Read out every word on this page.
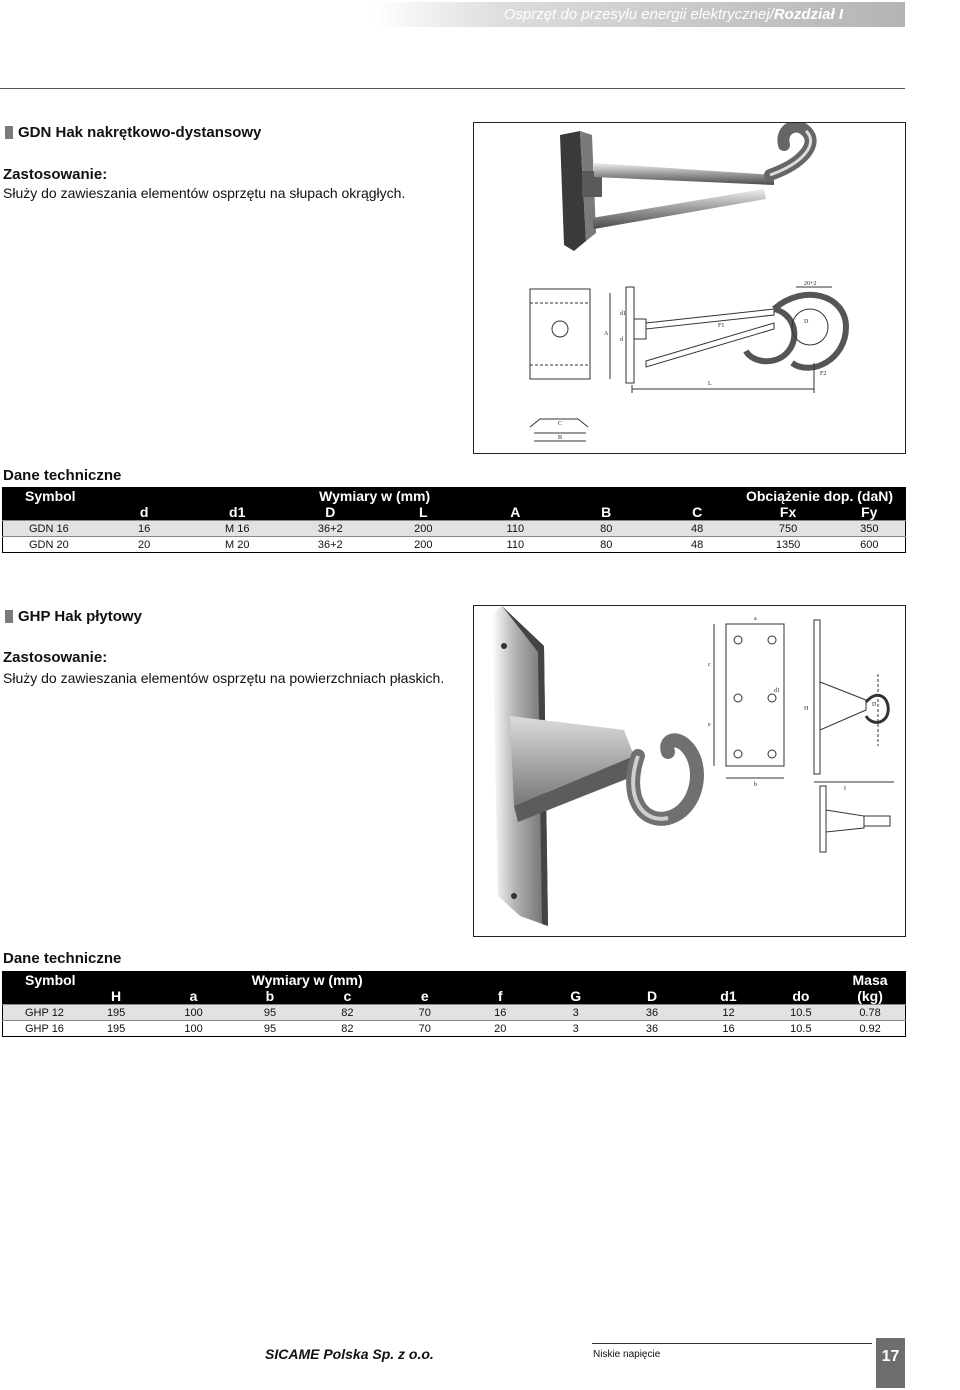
Osprzęt do przesyłu energii elektrycznej/Rozdział I
GDN Hak nakrętkowo-dystansowy
Zastosowanie:
Służy do zawieszania elementów osprzętu na słupach okrągłych.
20+2
D
F1
F2
A
d1
d
L
C
B
Dane techniczne
Symbol	Wymiary w (mm)							Obciążenie dop. (daN)	
	d	d1	D	L	A	B	C	Fx	Fy
GDN 16	16	M 16	36+2	200	110	80	48	750	350
GDN 20	20	M 20	36+2	200	110	80	48	1350	600
GHP Hak płytowy
Zastosowanie:
Służy do zawieszania elementów osprzętu na powierzchniach płaskich.
a
c
e
H
b
D
d1
f
Dane techniczne
Symbol	Wymiary w (mm)										Masa
	H	a	b	c	e	f	G	D	d1	do	(kg)
GHP 12	195	100	95	82	70	16	3	36	12	10.5	0.78
GHP 16	195	100	95	82	70	20	3	36	16	10.5	0.92
SICAME Polska Sp. z o.o.	Niskie napięcie	17
